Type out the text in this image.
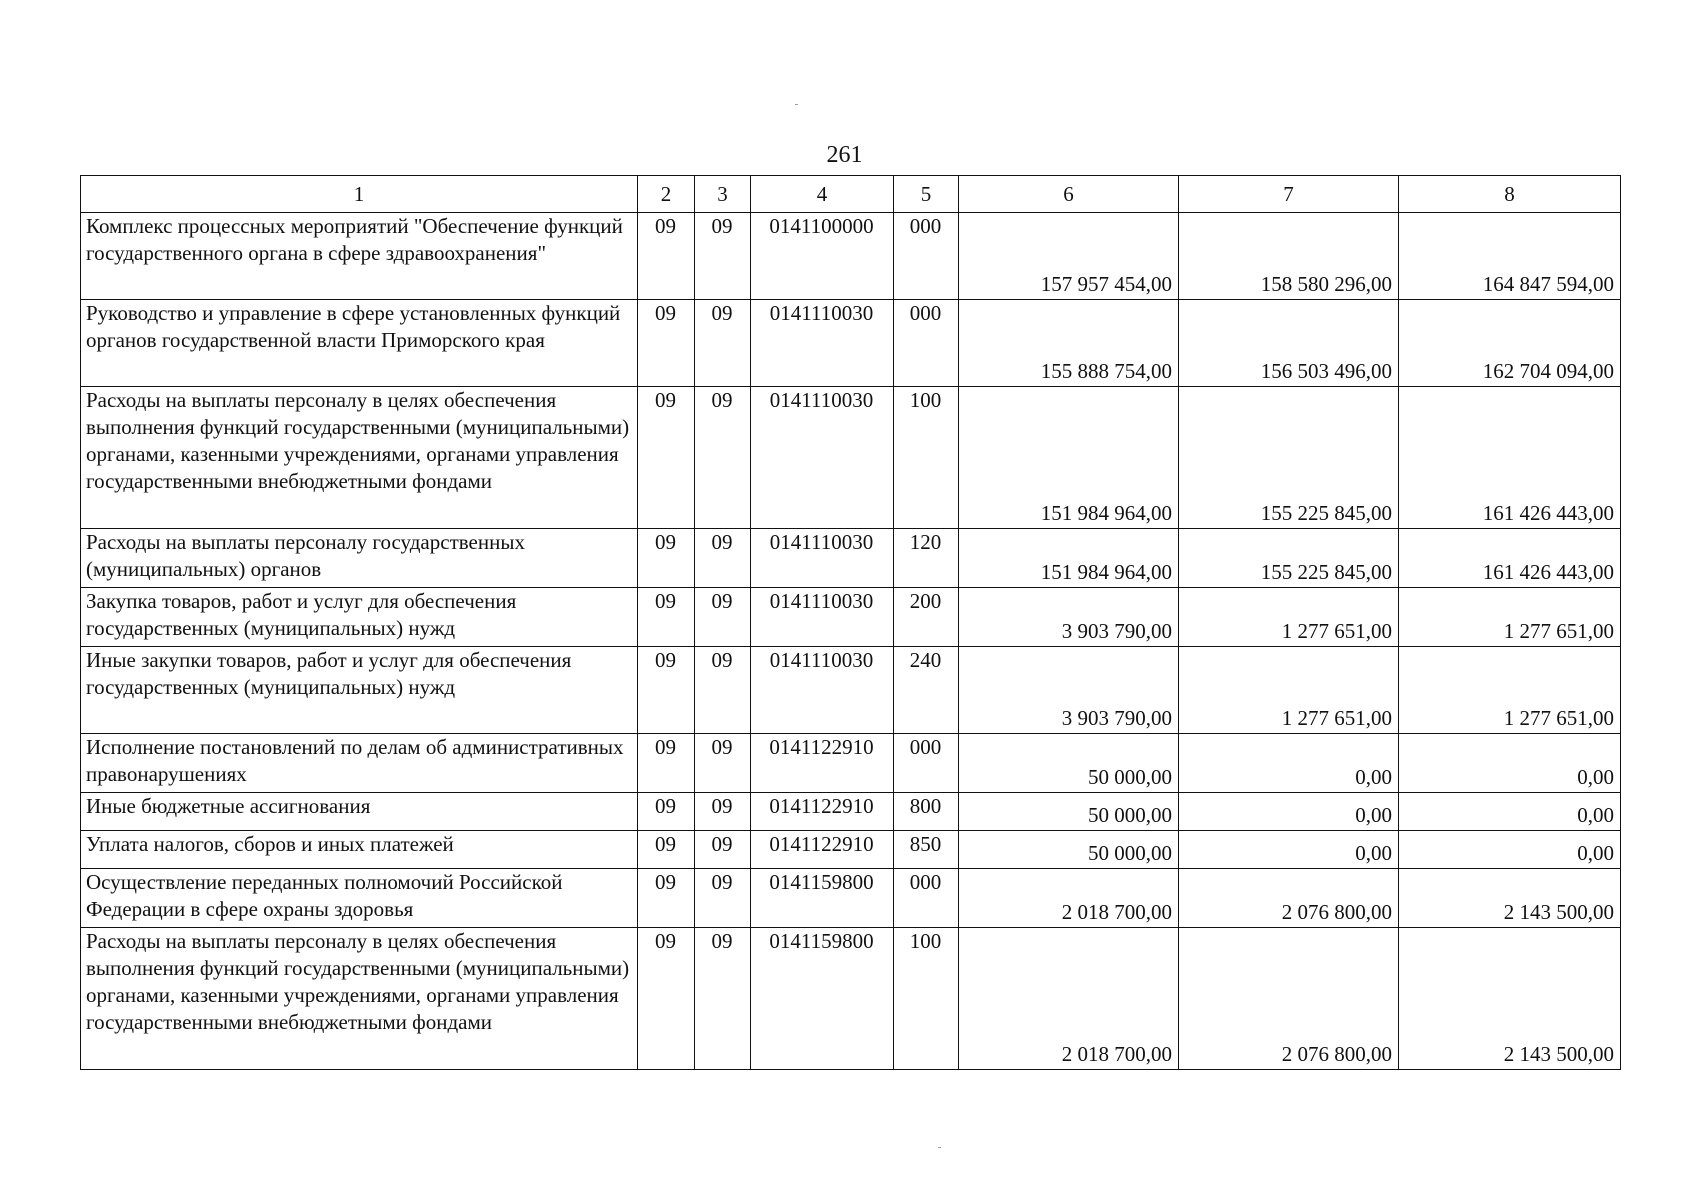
261
1	2	3	4	5	6	7	8
Комплекс процессных мероприятий "Обеспечение функций государственного органа в сфере здравоохранения"	09	09	0141100000	000	157 957 454,00	158 580 296,00	164 847 594,00
Руководство и управление в сфере установленных функций органов государственной власти Приморского края	09	09	0141110030	000	155 888 754,00	156 503 496,00	162 704 094,00
Расходы на выплаты персоналу в целях обеспечения выполнения функций государственными (муниципальными) органами, казенными учреждениями, органами управления государственными внебюджетными фондами	09	09	0141110030	100	151 984 964,00	155 225 845,00	161 426 443,00
Расходы на выплаты персоналу государственных (муниципальных) органов	09	09	0141110030	120	151 984 964,00	155 225 845,00	161 426 443,00
Закупка товаров, работ и услуг для обеспечения государственных (муниципальных) нужд	09	09	0141110030	200	3 903 790,00	1 277 651,00	1 277 651,00
Иные закупки товаров, работ и услуг для обеспечения государственных (муниципальных) нужд	09	09	0141110030	240	3 903 790,00	1 277 651,00	1 277 651,00
Исполнение постановлений по делам об административных правонарушениях	09	09	0141122910	000	50 000,00	0,00	0,00
Иные бюджетные ассигнования	09	09	0141122910	800	50 000,00	0,00	0,00
Уплата налогов, сборов и иных платежей	09	09	0141122910	850	50 000,00	0,00	0,00
Осуществление переданных полномочий Российской Федерации в сфере охраны здоровья	09	09	0141159800	000	2 018 700,00	2 076 800,00	2 143 500,00
Расходы на выплаты персоналу в целях обеспечения выполнения функций государственными (муниципальными) органами, казенными учреждениями, органами управления государственными внебюджетными фондами	09	09	0141159800	100	2 018 700,00	2 076 800,00	2 143 500,00
